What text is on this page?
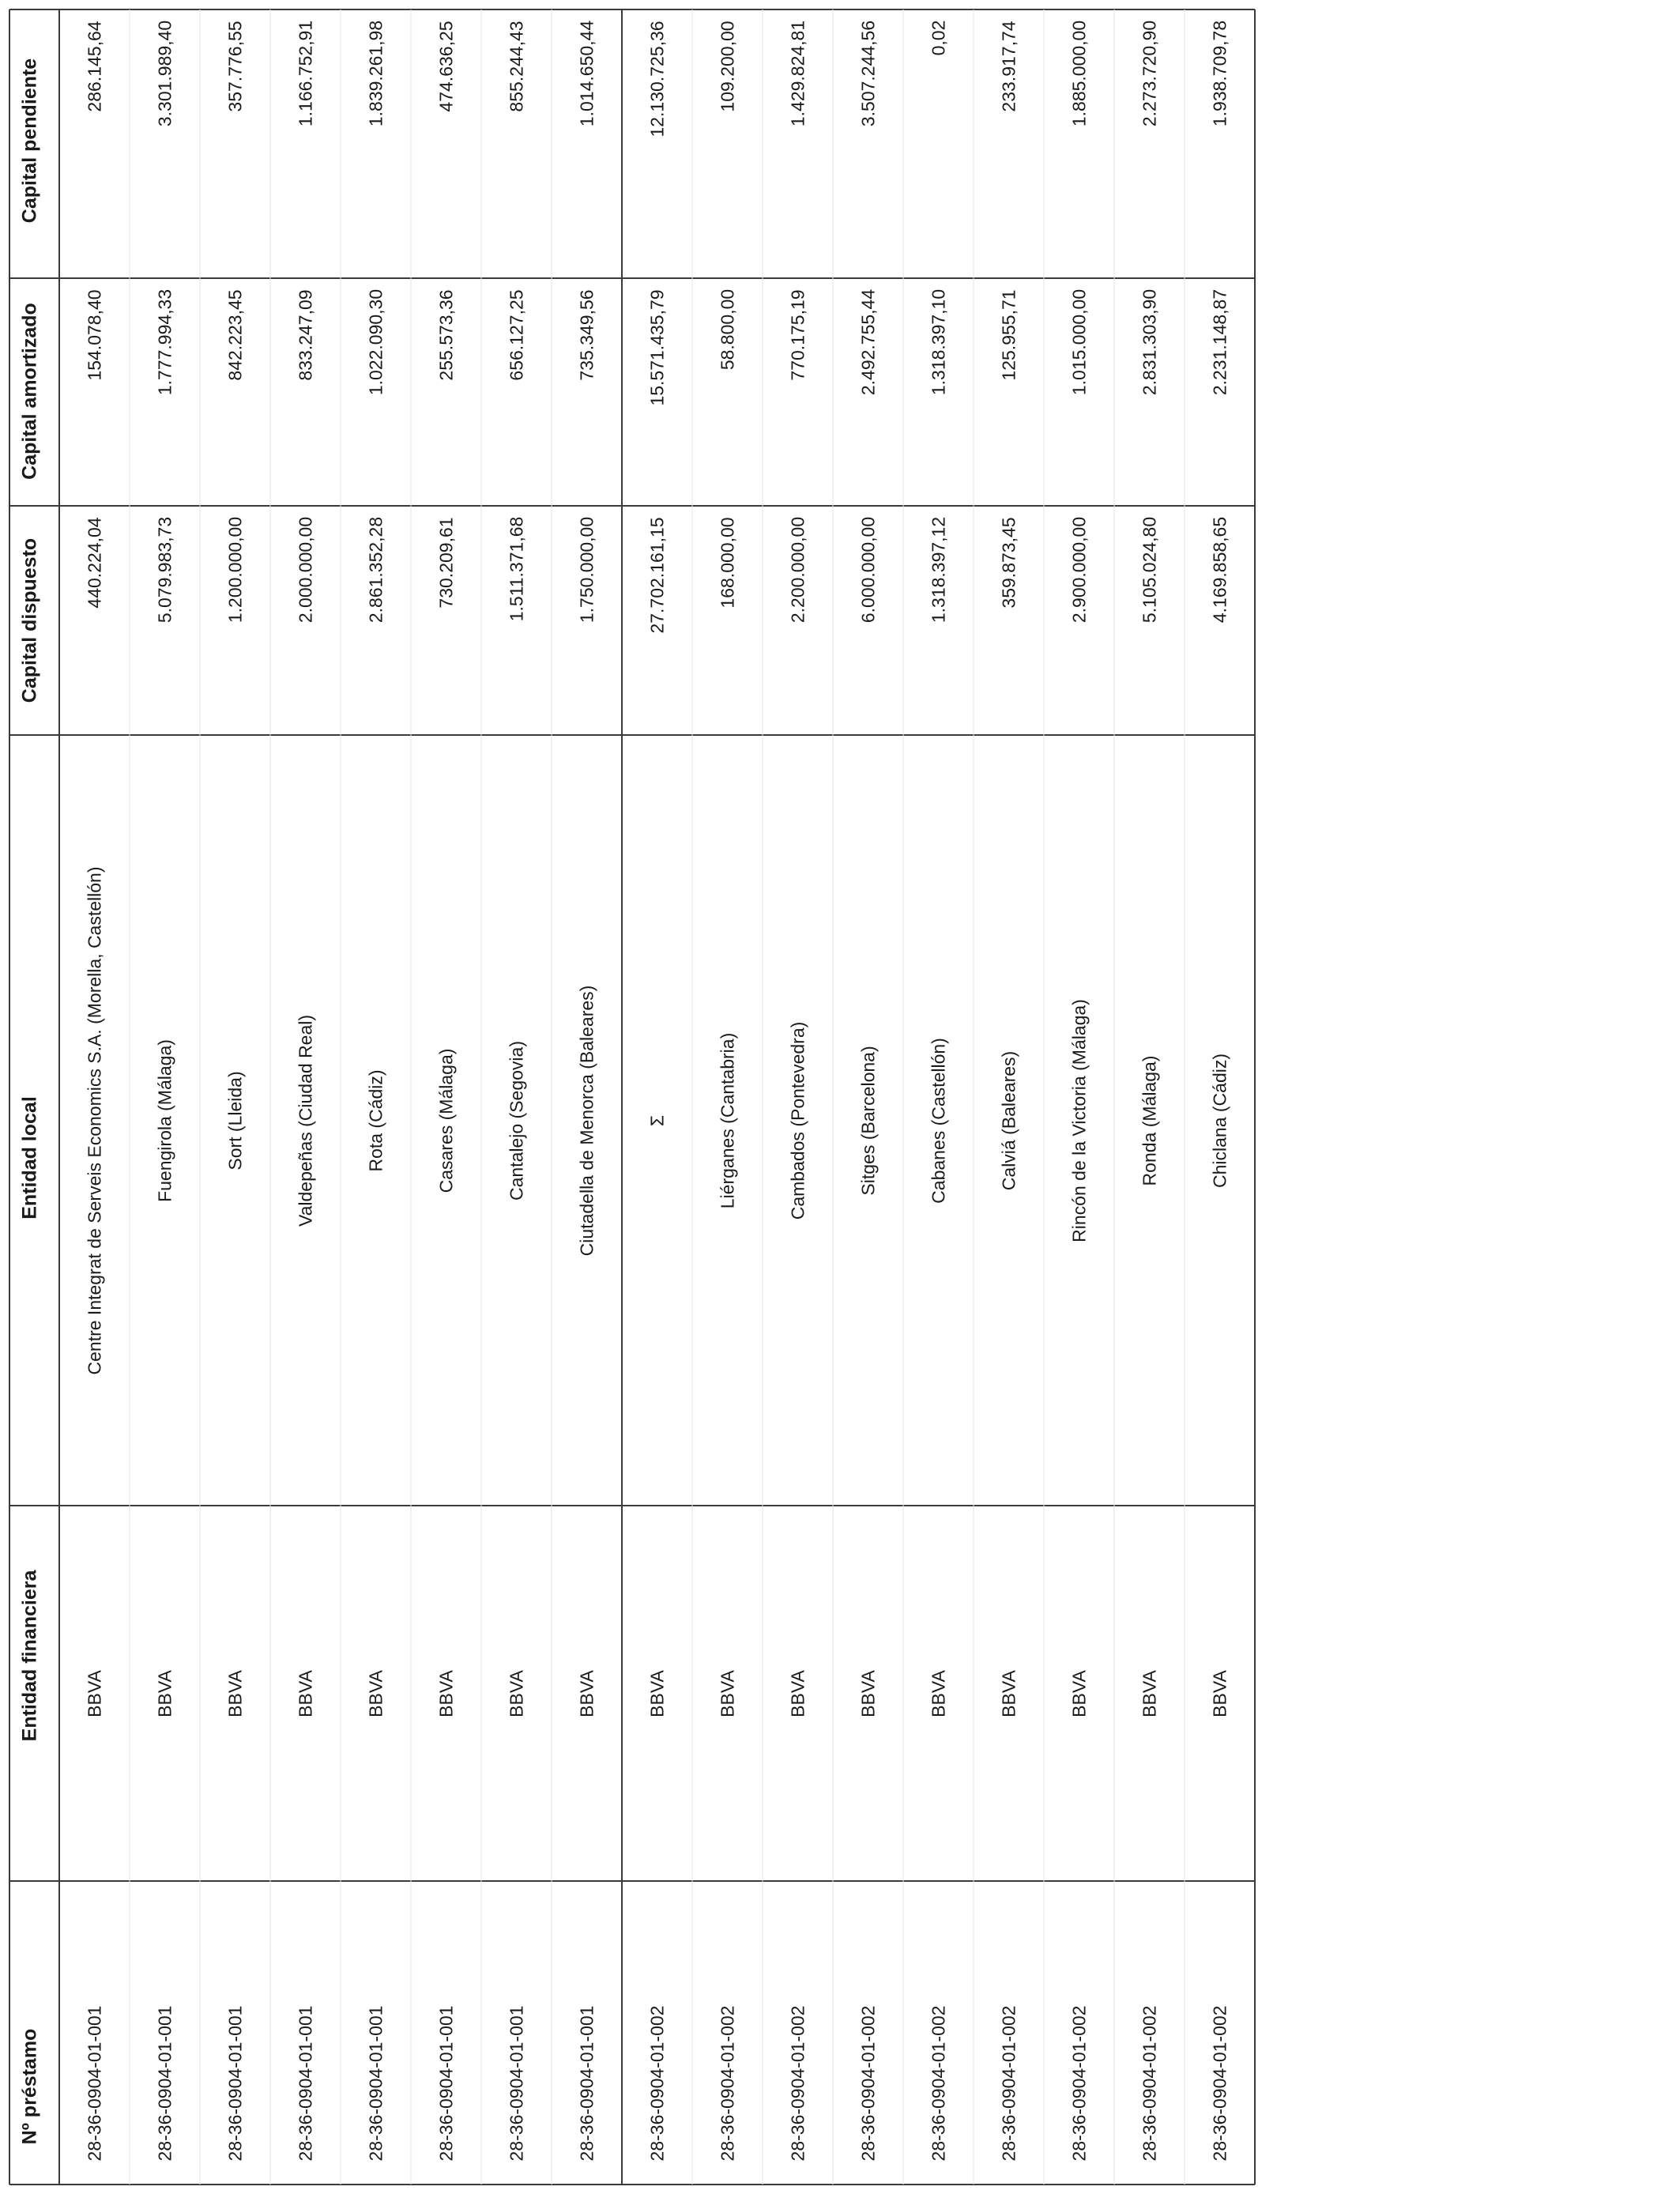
Nº préstamo
Entidad financiera
Entidad local
Capital dispuesto
Capital amortizado
Capital pendiente
28-36-0904-01-001
BBVA
Centre Integrat de Serveis Economics S.A. (Morella, Castellón)
440.224,04
154.078,40
286.145,64
28-36-0904-01-001
BBVA
Fuengirola (Málaga)
5.079.983,73
1.777.994,33
3.301.989,40
28-36-0904-01-001
BBVA
Sort (Lleida)
1.200.000,00
842.223,45
357.776,55
28-36-0904-01-001
BBVA
Valdepeñas (Ciudad Real)
2.000.000,00
833.247,09
1.166.752,91
28-36-0904-01-001
BBVA
Rota (Cádiz)
2.861.352,28
1.022.090,30
1.839.261,98
28-36-0904-01-001
BBVA
Casares (Málaga)
730.209,61
255.573,36
474.636,25
28-36-0904-01-001
BBVA
Cantalejo (Segovia)
1.511.371,68
656.127,25
855.244,43
28-36-0904-01-001
BBVA
Ciutadella de Menorca (Baleares)
1.750.000,00
735.349,56
1.014.650,44
28-36-0904-01-002
BBVA
Σ
27.702.161,15
15.571.435,79
12.130.725,36
28-36-0904-01-002
BBVA
Liérganes (Cantabria)
168.000,00
58.800,00
109.200,00
28-36-0904-01-002
BBVA
Cambados (Pontevedra)
2.200.000,00
770.175,19
1.429.824,81
28-36-0904-01-002
BBVA
Sitges (Barcelona)
6.000.000,00
2.492.755,44
3.507.244,56
28-36-0904-01-002
BBVA
Cabanes (Castellón)
1.318.397,12
1.318.397,10
0,02
28-36-0904-01-002
BBVA
Calviá (Baleares)
359.873,45
125.955,71
233.917,74
28-36-0904-01-002
BBVA
Rincón de la Victoria (Málaga)
2.900.000,00
1.015.000,00
1.885.000,00
28-36-0904-01-002
BBVA
Ronda (Málaga)
5.105.024,80
2.831.303,90
2.273.720,90
28-36-0904-01-002
BBVA
Chiclana (Cádiz)
4.169.858,65
2.231.148,87
1.938.709,78
